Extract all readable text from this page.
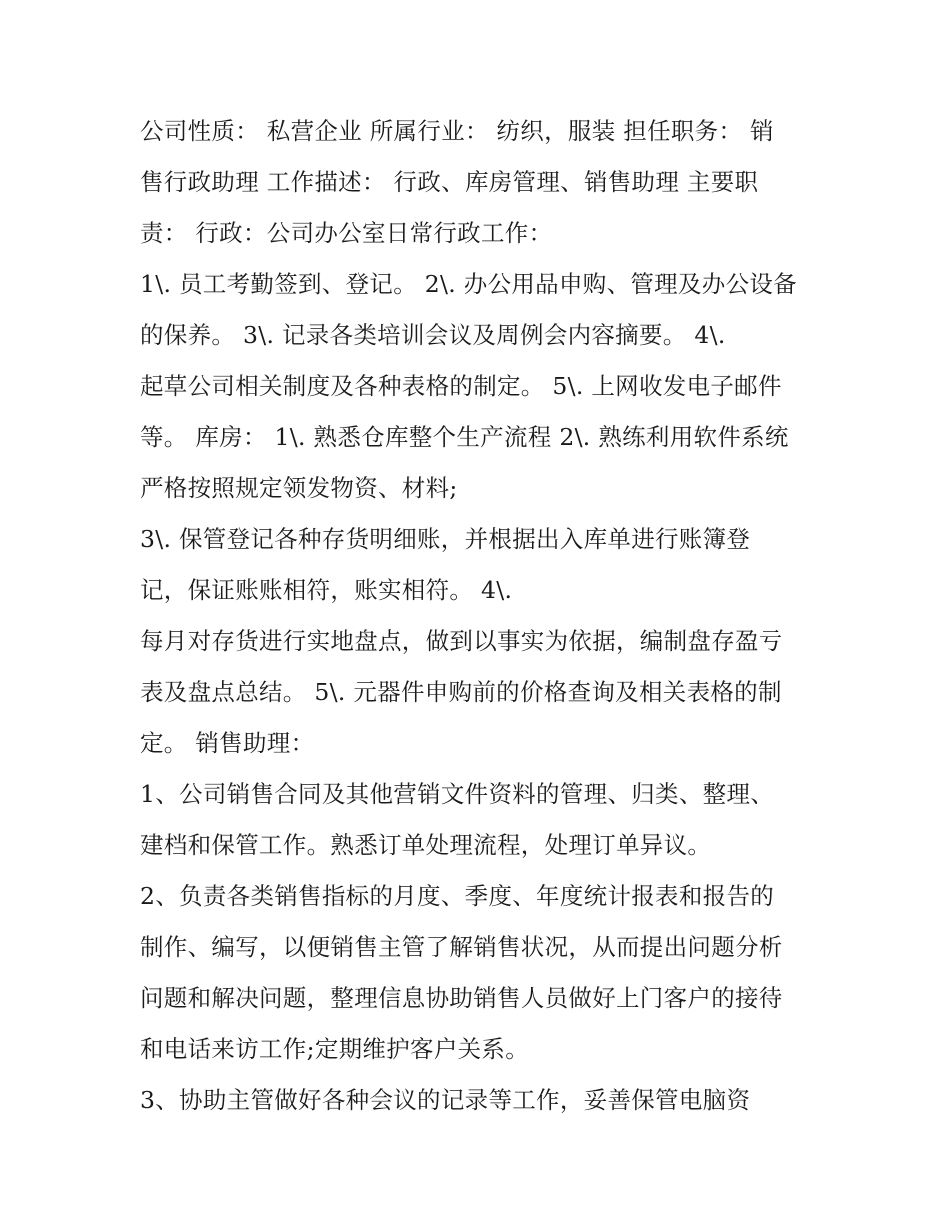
公司性质： 私营企业 所属行业： 纺织，服装 担任职务： 销
售行政助理 工作描述： 行政、库房管理、销售助理 主要职
责： 行政：公司办公室日常行政工作：
1\. 员工考勤签到、登记。 2\. 办公用品申购、管理及办公设备
的保养。 3\. 记录各类培训会议及周例会内容摘要。 4\.
起草公司相关制度及各种表格的制定。 5\. 上网收发电子邮件
等。 库房： 1\. 熟悉仓库整个生产流程 2\. 熟练利用软件系统
严格按照规定领发物资、材料;
3\. 保管登记各种存货明细账，并根据出入库单进行账簿登
记，保证账账相符，账实相符。 4\.
每月对存货进行实地盘点，做到以事实为依据，编制盘存盈亏
表及盘点总结。 5\. 元器件申购前的价格查询及相关表格的制
定。 销售助理：
1、公司销售合同及其他营销文件资料的管理、归类、整理、
建档和保管工作。熟悉订单处理流程，处理订单异议。
2、负责各类销售指标的月度、季度、年度统计报表和报告的
制作、编写，以便销售主管了解销售状况，从而提出问题分析
问题和解决问题，整理信息协助销售人员做好上门客户的接待
和电话来访工作;定期维护客户关系。
3、协助主管做好各种会议的记录等工作，妥善保管电脑资
